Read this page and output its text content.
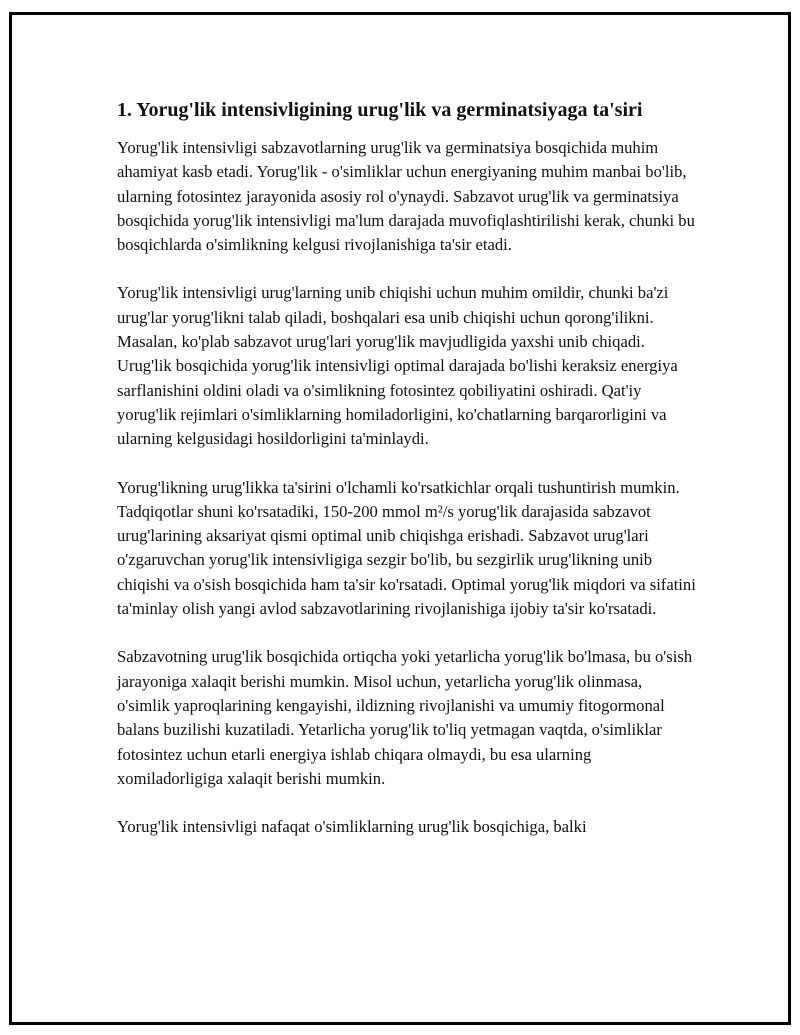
1. Yorug'lik intensivligining urug'lik va germinatsiyaga ta'siri

Yorug'lik intensivligi sabzavotlarning urug'lik va germinatsiya bosqichida muhim ahamiyat kasb etadi. Yorug'lik - o'simliklar uchun energiyaning muhim manbai bo'lib, ularning fotosintez jarayonida asosiy rol o'ynaydi. Sabzavot urug'lik va germinatsiya bosqichida yorug'lik intensivligi ma'lum darajada muvofiqlashtirilishi kerak, chunki bu bosqichlarda o'simlikning kelgusi rivojlanishiga ta'sir etadi.

Yorug'lik intensivligi urug'larning unib chiqishi uchun muhim omildir, chunki ba'zi urug'lar yorug'likni talab qiladi, boshqalari esa unib chiqishi uchun qorong'ilikni. Masalan, ko'plab sabzavot urug'lari yorug'lik mavjudligida yaxshi unib chiqadi. Urug'lik bosqichida yorug'lik intensivligi optimal darajada bo'lishi keraksiz energiya sarflanishini oldini oladi va o'simlikning fotosintez qobiliyatini oshiradi. Qat'iy yorug'lik rejimlari o'simliklarning homiladorligini, ko'chatlarning barqarorligini va ularning kelgusidagi hosildorligini ta'minlaydi.

Yorug'likning urug'likka ta'sirini o'lchamli ko'rsatkichlar orqali tushuntirish mumkin. Tadqiqotlar shuni ko'rsatadiki, 150-200 mmol m²/s yorug'lik darajasida sabzavot urug'larining aksariyat qismi optimal unib chiqishga erishadi. Sabzavot urug'lari o'zgaruvchan yorug'lik intensivligiga sezgir bo'lib, bu sezgirlik urug'likning unib chiqishi va o'sish bosqichida ham ta'sir ko'rsatadi. Optimal yorug'lik miqdori va sifatini ta'minlay olish yangi avlod sabzavotlarining rivojlanishiga ijobiy ta'sir ko'rsatadi.

Sabzavotning urug'lik bosqichida ortiqcha yoki yetarlicha yorug'lik bo'lmasa, bu o'sish jarayoniga xalaqit berishi mumkin. Misol uchun, yetarlicha yorug'lik olinmasa, o'simlik yaproqlarining kengayishi, ildizning rivojlanishi va umumiy fitogormonal balans buzilishi kuzatiladi. Yetarlicha yorug'lik to'liq yetmagan vaqtda, o'simliklar fotosintez uchun etarli energiya ishlab chiqara olmaydi, bu esa ularning xomiladorligiga xalaqit berishi mumkin.

Yorug'lik intensivligi nafaqat o'simliklarning urug'lik bosqichiga, balki
